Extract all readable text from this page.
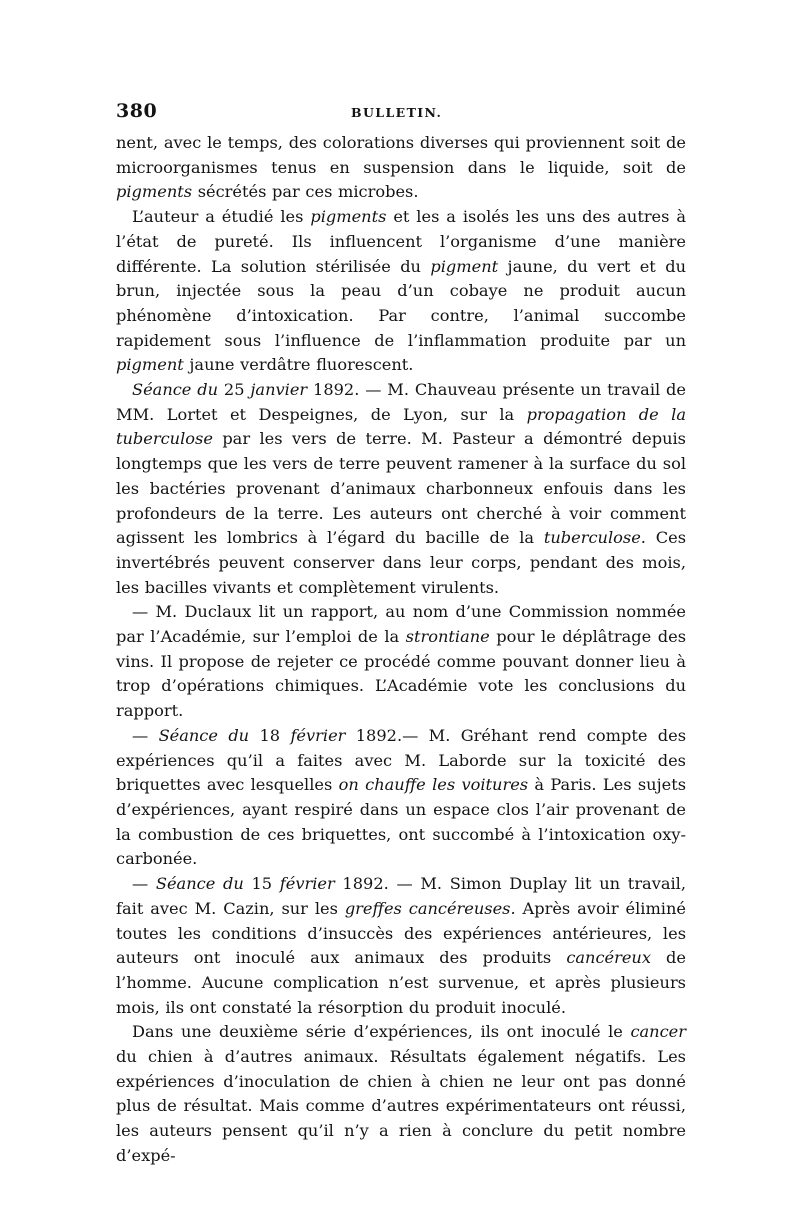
380	BULLETIN.

nent, avec le temps, des colorations diverses qui proviennent soit de microorganismes tenus en suspension dans le liquide, soit de pigments sécrétés par ces microbes.

L’auteur a étudié les pigments et les a isolés les uns des autres à l’état de pureté. Ils influencent l’organisme d’une manière différente. La solution stérilisée du pigment jaune, du vert et du brun, injectée sous la peau d’un cobaye ne produit aucun phénomène d’intoxication. Par contre, l’animal succombe rapidement sous l’influence de l’inflammation produite par un pigment jaune verdâtre fluorescent.

Séance du 25 janvier 1892. — M. Chauveau présente un travail de MM. Lortet et Despeignes, de Lyon, sur la propagation de la tuberculose par les vers de terre. M. Pasteur a démontré depuis longtemps que les vers de terre peuvent ramener à la surface du sol les bactéries provenant d’animaux charbonneux enfouis dans les profondeurs de la terre. Les auteurs ont cherché à voir comment agissent les lombrics à l’égard du bacille de la tuberculose. Ces invertébrés peuvent conserver dans leur corps, pendant des mois, les bacilles vivants et complètement virulents.

— M. Duclaux lit un rapport, au nom d’une Commission nommée par l’Académie, sur l’emploi de la strontiane pour le déplâtrage des vins. Il propose de rejeter ce procédé comme pouvant donner lieu à trop d’opérations chimiques. L’Académie vote les conclusions du rapport.

— Séance du 18 février 1892.— M. Gréhant rend compte des expériences qu’il a faites avec M. Laborde sur la toxicité des briquettes avec lesquelles on chauffe les voitures à Paris. Les sujets d’expériences, ayant respiré dans un espace clos l’air provenant de la combustion de ces briquettes, ont succombé à l’intoxication oxy-carbonée.

— Séance du 15 février 1892. — M. Simon Duplay lit un travail, fait avec M. Cazin, sur les greffes cancéreuses. Après avoir éliminé toutes les conditions d’insuccès des expériences antérieures, les auteurs ont inoculé aux animaux des produits cancéreux de l’homme. Aucune complication n’est survenue, et après plusieurs mois, ils ont constaté la résorption du produit inoculé.

Dans une deuxième série d’expériences, ils ont inoculé le cancer du chien à d’autres animaux. Résultats également négatifs. Les expériences d’inoculation de chien à chien ne leur ont pas donné plus de résultat. Mais comme d’autres expérimentateurs ont réussi, les auteurs pensent qu’il n’y a rien à conclure du petit nombre d’expé-
